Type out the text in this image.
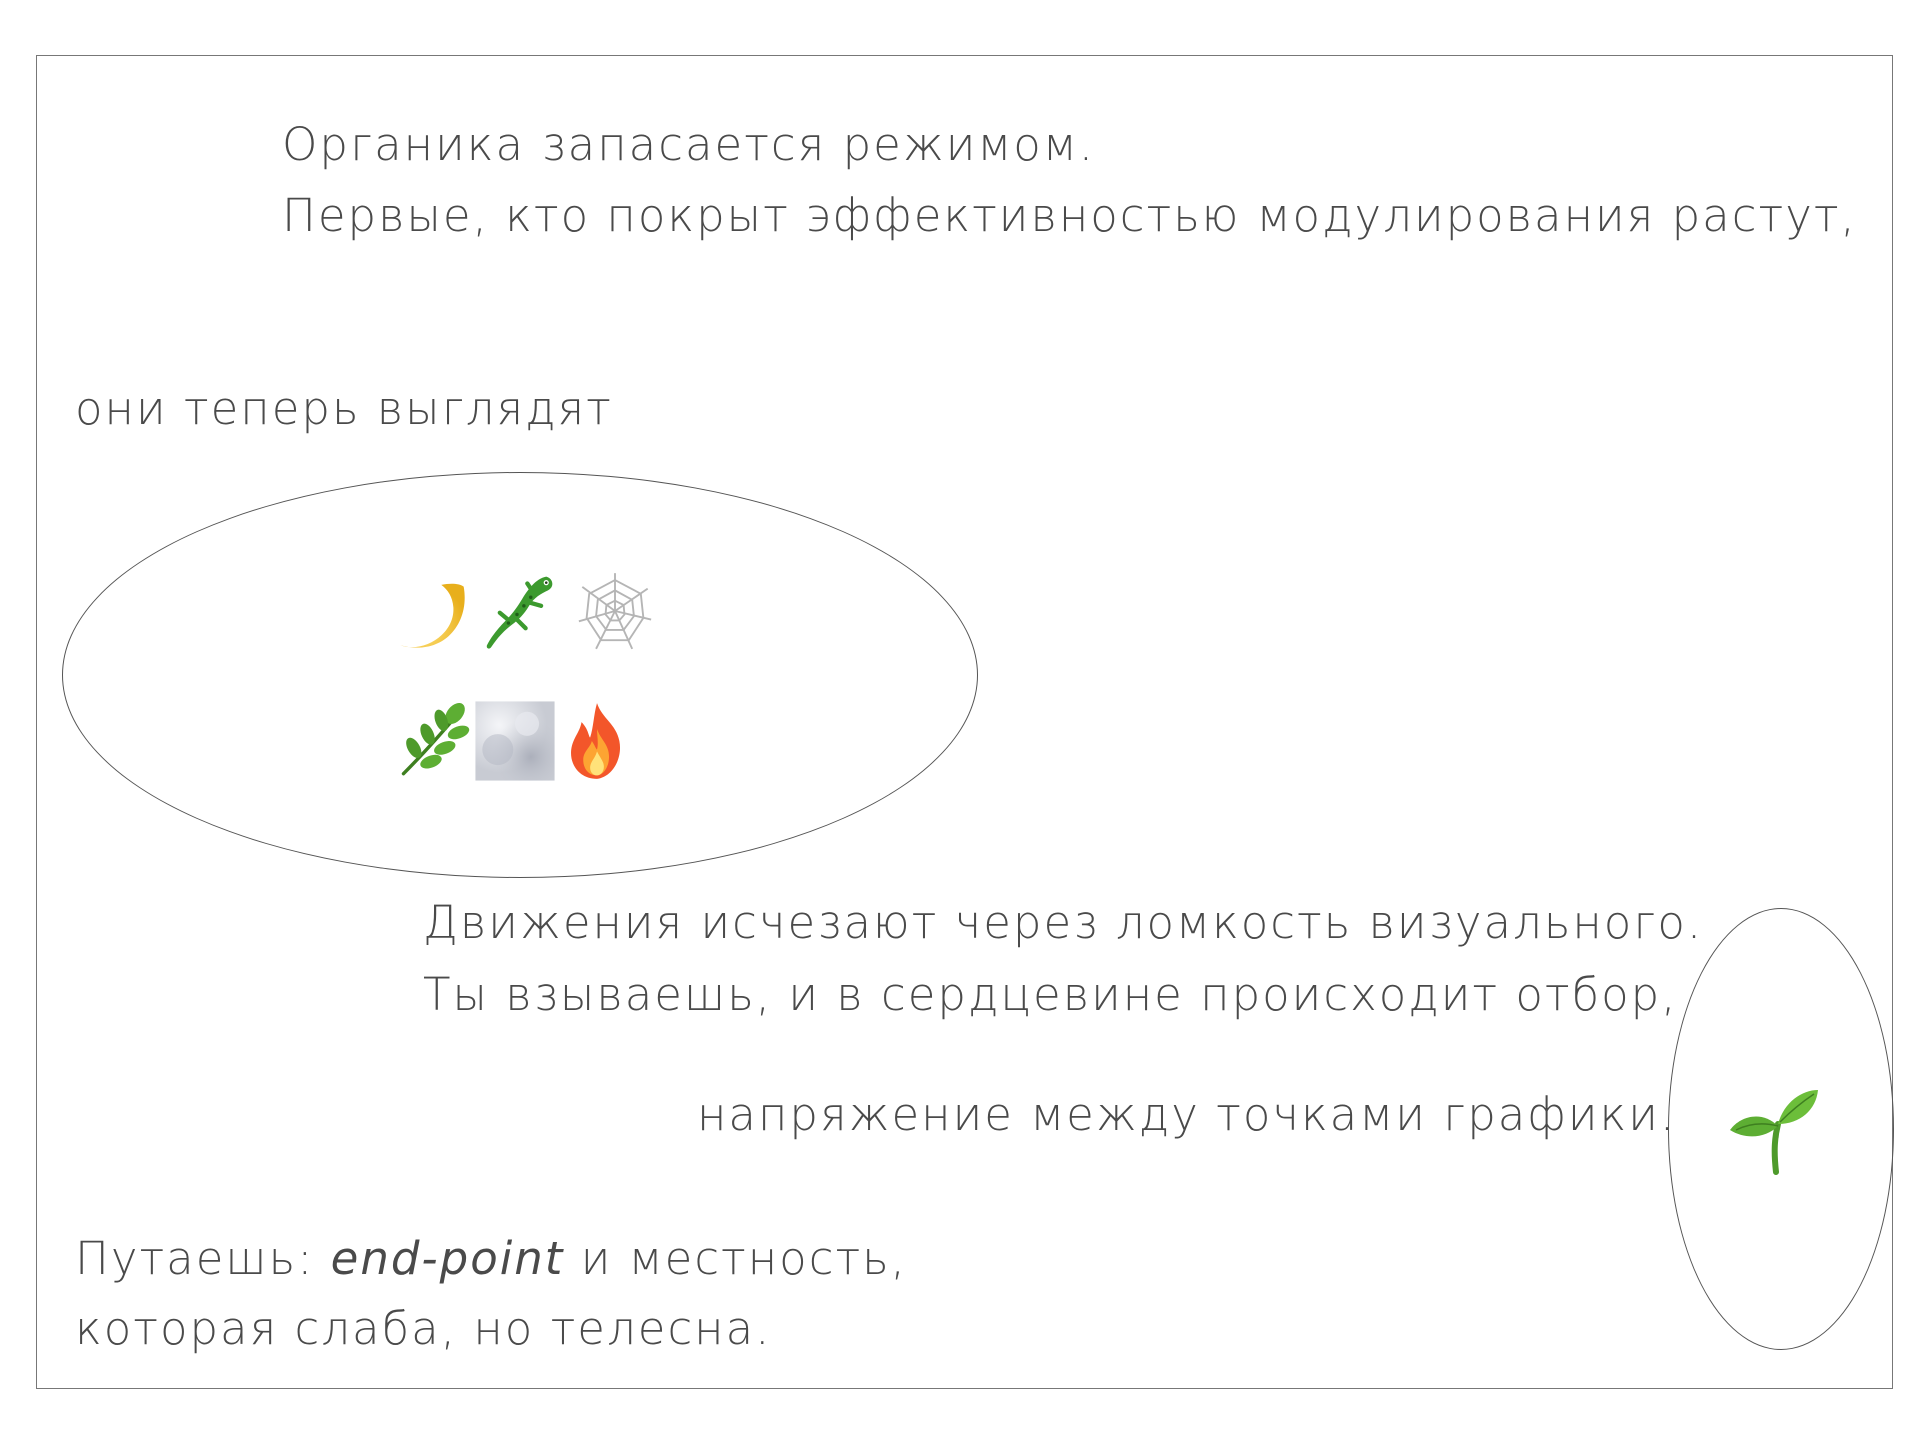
Органика запасается режимом.
Первые, кто покрыт эффективностью модулирования растут,
они теперь выглядят
Движения исчезают через ломкость визуального.
Ты взываешь, и в сердцевине происходит отбор,
напряжение между точками графики.
Путаешь: end-point и местность,
которая слаба, но телесна.
